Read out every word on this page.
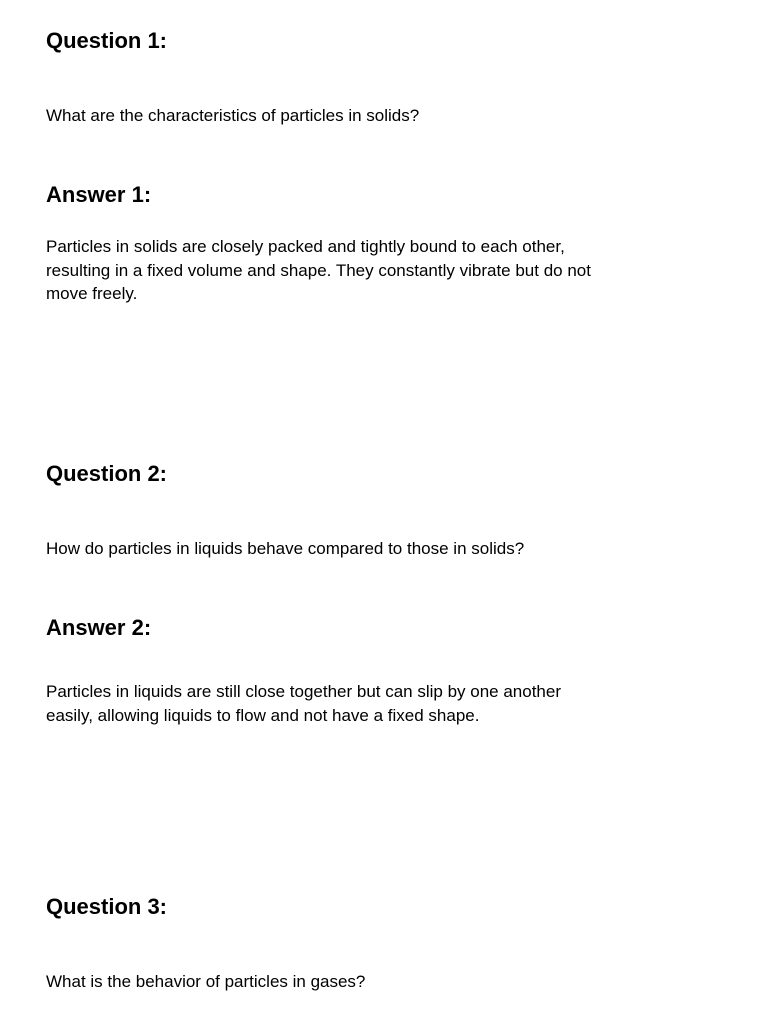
Question 1:

What are the characteristics of particles in solids?

Answer 1:

Particles in solids are closely packed and tightly bound to each other, resulting in a fixed volume and shape. They constantly vibrate but do not move freely.

Question 2:

How do particles in liquids behave compared to those in solids?

Answer 2:

Particles in liquids are still close together but can slip by one another easily, allowing liquids to flow and not have a fixed shape.

Question 3:

What is the behavior of particles in gases?
